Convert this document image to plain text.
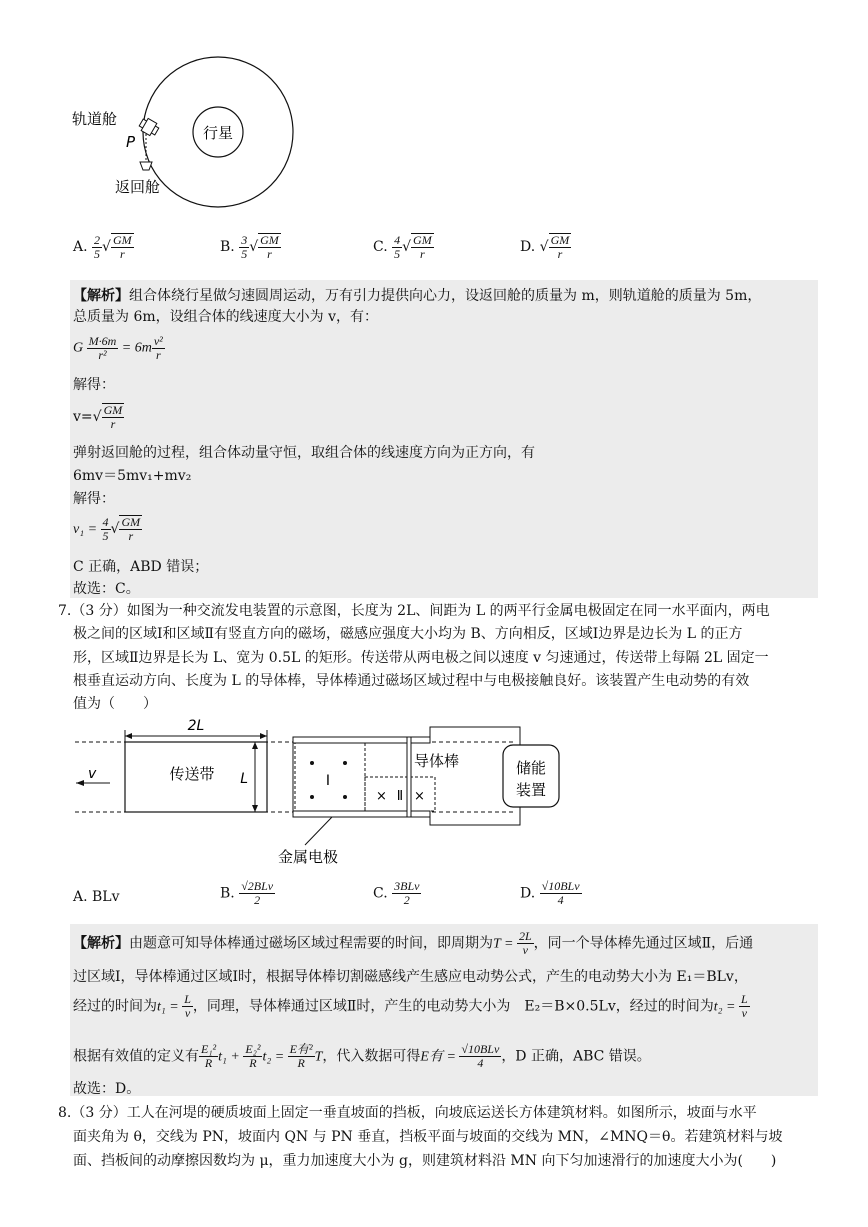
行星
轨道舱
P
返回舱
A. $\frac{2}{5}$ √ $\frac{GM}{r}$	B. $\frac{3}{5}$ √ $\frac{GM}{r}$	C. $\frac{4}{5}$ √ $\frac{GM}{r}$	D. √ $\frac{GM}{r}$
【解析】组合体绕行星做匀速圆周运动，万有引力提供向心力，设返回舱的质量为 m，则轨道舱的质量为 5m，
总质量为 6m，设组合体的线速度大小为 v，有：
G $\frac{M\cdot 6m}{\text{r²}} = 6m \frac{\text{v²}}{r}$
解得：
$v=√ \frac{GM}{r}$
弹射返回舱的过程，组合体动量守恒，取组合体的线速度方向为正方向，有
6mv＝5mv₁+mv₂
解得：
$v_1 = \frac{4}{5}$ √ $\frac{GM}{r}$
C 正确，ABD 错误；
故选：C。
7.（3 分）如图为一种交流发电装置的示意图，长度为 2L、间距为 L 的两平行金属电极固定在同一水平面内，两电
极之间的区域Ⅰ和区域Ⅱ有竖直方向的磁场，磁感应强度大小均为 B、方向相反，区域Ⅰ边界是边长为 L 的正方
形，区域Ⅱ边界是长为 L、宽为 0.5L 的矩形。传送带从两电极之间以速度 v 匀速通过，传送带上每隔 2L 固定一
根垂直运动方向、长度为 L 的导体棒，导体棒通过磁场区域过程中与电极接触良好。该装置产生电动势的有效
值为（　　）
Ⅰ
× Ⅱ ×
储能
装置
导体棒
2L
L
传送带
v
金属电极
A. BLv	B. $\frac{\text{√2BLv}}{2}$	C. $\frac{\text{3BLv}}{2}$	D. $\frac{\text{√10BLv}}{4}$
【解析】由题意可知导体棒通过磁场区域过程需要的时间，即周期为$T = \frac{2L}{v}$ ，同一个导体棒先通过区域Ⅱ，后通
过区域Ⅰ，导体棒通过区域Ⅰ时，根据导体棒切割磁感线产生感应电动势公式，产生的电动势大小为 E₁＝BLv，
经过的时间为$t_1 = \frac{L}{v}$ ，同理，导体棒通过区域Ⅱ时，产生的电动势大小为　E₂＝B×0.5Lv，经过的时间为$t_2 = \frac{L}{v}$
根据有效值的定义有 $\frac{\text{E₁²}}{R} t_1 + \frac{\text{E₂²}}{R} t_2 = \frac{\text{E有²}}{R}$ T，代入数据可得E有 = $\frac{\text{√10BLv}}{4}$ ，D 正确，ABC 错误。
故选：D。
8.（3 分）工人在河堤的硬质坡面上固定一垂直坡面的挡板，向坡底运送长方体建筑材料。如图所示，坡面与水平
面夹角为 θ，交线为 PN，坡面内 QN 与 PN 垂直，挡板平面与坡面的交线为 MN，∠MNQ＝θ。若建筑材料与坡
面、挡板间的动摩擦因数均为 μ，重力加速度大小为 g，则建筑材料沿 MN 向下匀加速滑行的加速度大小为(　　)
